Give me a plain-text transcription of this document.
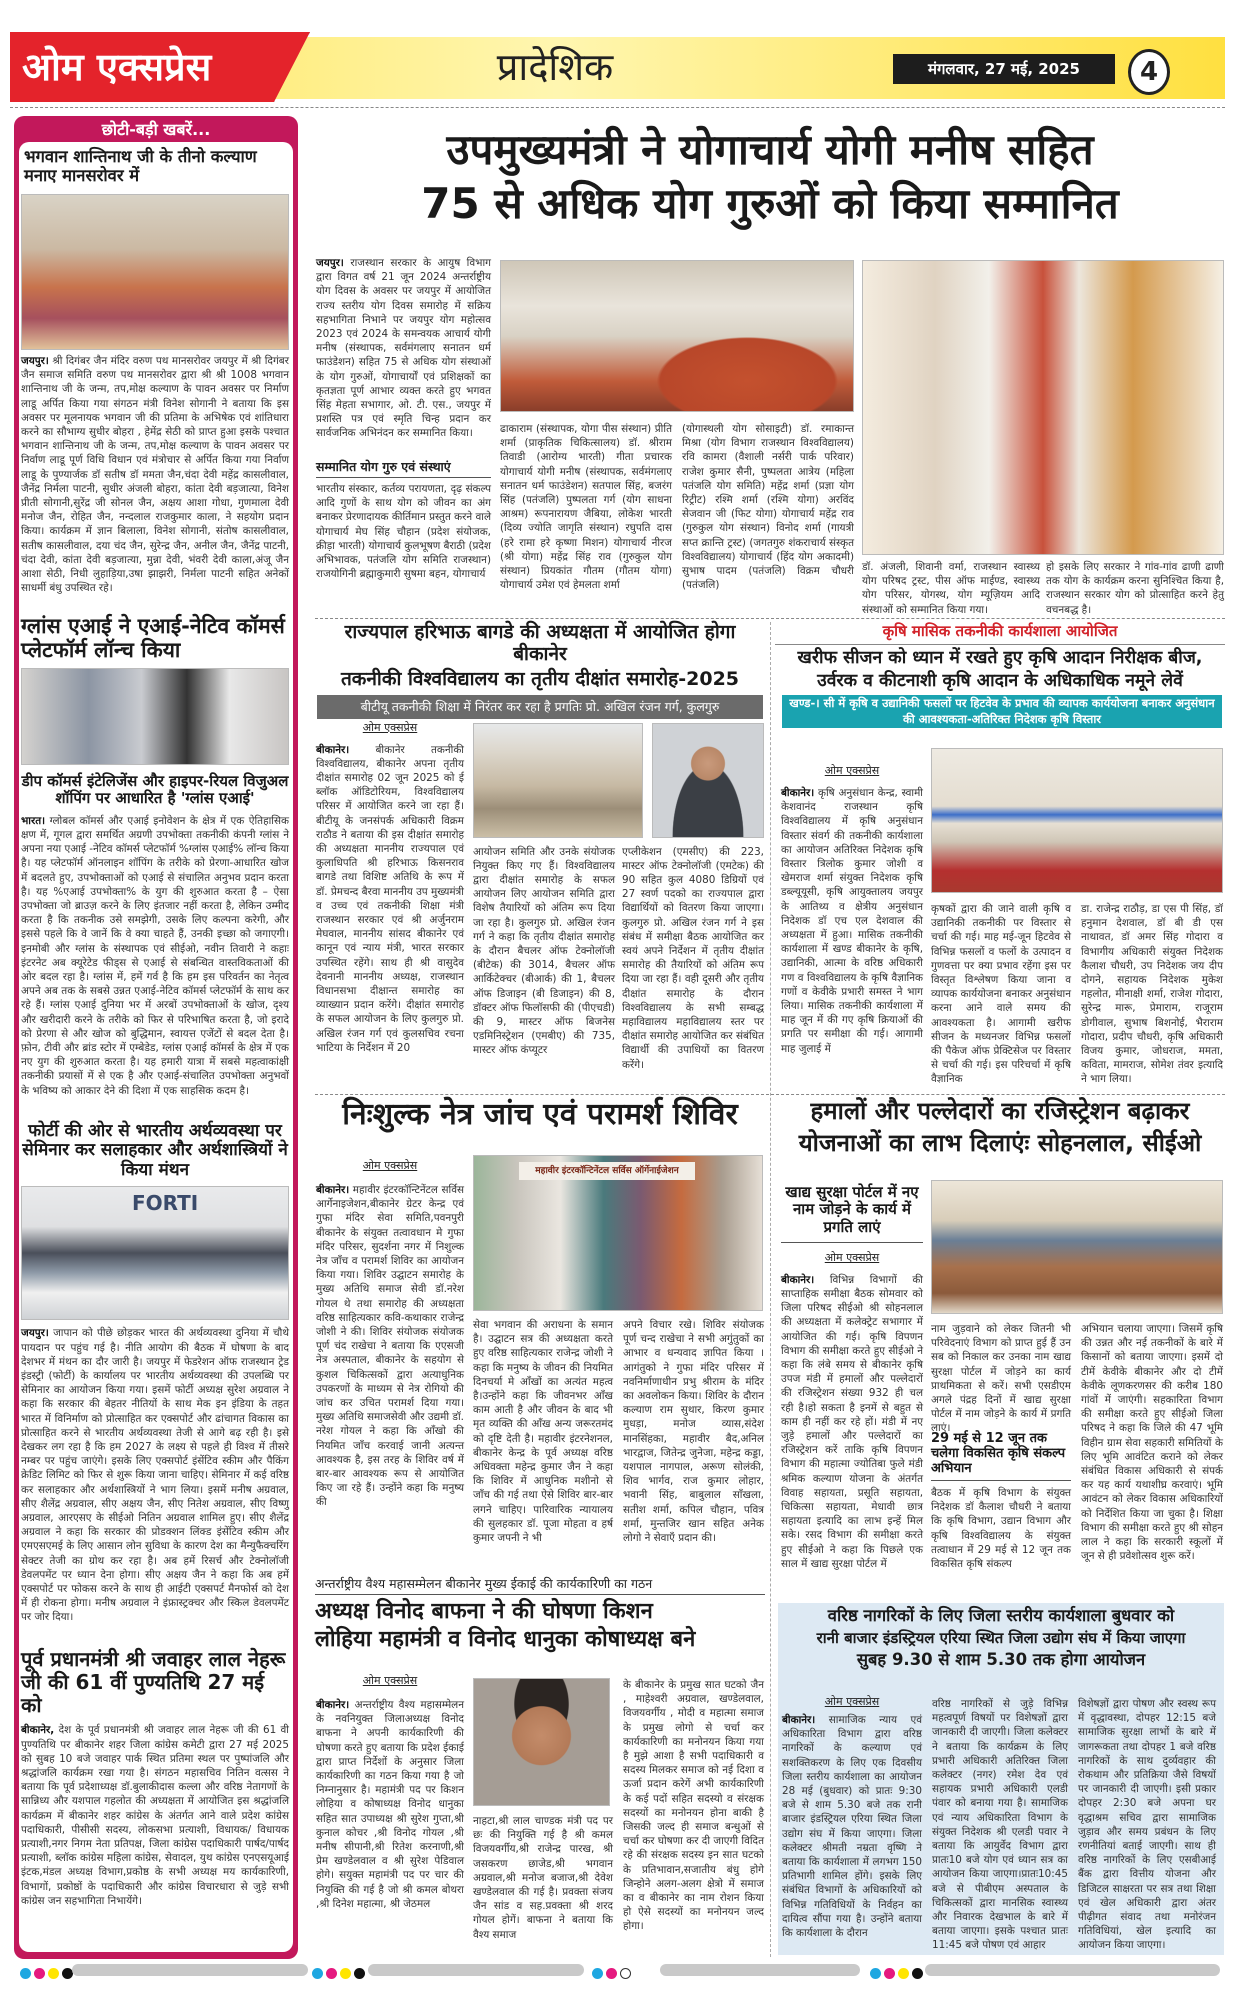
ओम एक्सप्रेस	प्रादेशिक	मंगलवार, 27 मई, 2025	4
छोटी-बड़ी खबरें...
भगवान शान्तिनाथ जी के तीनो कल्याण मनाए मानसरोवर में
जयपुर। श्री दिगंबर जैन मंदिर वरुण पथ मानसरोवर जयपुर में श्री दिगंबर जैन समाज समिति वरुण पथ मानसरोवर द्वारा श्री श्री 1008 भगवान शान्तिनाथ जी के जन्म, तप,मोक्ष कल्याण के पावन अवसर पर निर्माण लाडू अर्पित किया गया संगठन मंत्री विनेश सोगानी ने बताया कि इस अवसर पर मूलनायक भगवान जी की प्रतिमा के अभिषेक एवं शांतिधारा करने का सौभाग्य सुधीर बोहरा , हेमेंद्र सेठी को प्राप्त हुआ इसके पश्चात भगवान शान्तिनाथ जी के जन्म, तप,मोक्ष कल्याण के पावन अवसर पर निर्वाण लाडू पूर्ण विधि विधान एवं मंत्रोचार से अर्पित किया गया निर्वाण लाडू के पुण्यार्जक डॉ सतीष डॉ ममता जैन,चंदा देवी महेंद्र कासलीवाल, जैनेंद्र निर्मला पाटनी, सुधीर अंजली बोहरा, कांता देवी बड़जात्या, विनेश प्रीती सोगानी,सुरेंद्र जी सोनल जैन, अक्षय आशा गोधा, गुणमाला देवी मनोज जैन, रोहित जैन, नन्दलाल राजकुमार काला, ने सहयोग प्रदान किया। कार्यक्रम में ज्ञान बिलाला, विनेश सोगानी, संतोष कासलीवाल, सतीष कासलीवाल, दया चंद जैन, सुरेन्द्र जैन, अनील जैन, जैनेंद्र पाटनी, चंदा देवी, कांता देवी बड़जात्या, मुन्ना देवी, भंवरी देवी काला,अंजू जैन आशा सेठी, निधी लुहाड़िया,उषा झाझरी, निर्मला पाटनी सहित अनेकों साधर्मी बंधु उपस्थित रहे।
ग्लांस एआई ने एआई-नेटिव कॉमर्स प्लेटफॉर्म लॉन्च किया
डीप कॉमर्स इंटेलिजेंस और हाइपर-रियल विजुअल शॉपिंग पर आधारित है 'ग्लांस एआई'
भारत। ग्लोबल कॉमर्स और एआई इनोवेशन के क्षेत्र में एक ऐतिहासिक क्षण में, गूगल द्वारा समर्थित अग्रणी उपभोक्ता तकनीकी कंपनी ग्लांस ने अपना नया एआई -नेटिव कॉमर्स प्लेटफॉर्म %ग्लांस एआई% लॉन्च किया है। यह प्लेटफॉर्म ऑनलाइन शॉपिंग के तरीके को प्रेरणा-आधारित खोज में बदलते हुए, उपभोक्ताओं को एआई से संचालित अनुभव प्रदान करता है। यह %एआई उपभोक्ता% के युग की शुरुआत करता है – ऐसा उपभोक्ता जो ब्राउज़ करने के लिए इंतजार नहीं करता है, लेकिन उम्मीद करता है कि तकनीक उसे समझेगी, उसके लिए कल्पना करेगी, और इससे पहले कि वे जानें कि वे क्या चाहते हैं, उनकी इच्छा को जगाएगी। इनमोबी और ग्लांस के संस्थापक एवं सीईओ, नवीन तिवारी ने कहाः इंटरनेट अब क्यूरेटेड फीड्स से एआई से संबन्धित वास्तविकताओं की ओर बदल रहा है। ग्लांस में, हमें गर्व है कि हम इस परिवर्तन का नेतृत्व अपने अब तक के सबसे उन्नत एआई-नेटिव कॉमर्स प्लेटफॉर्म के साथ कर रहे हैं। ग्लांस एआई दुनिया भर में अरबों उपभोक्ताओं के खोज, दृश्य और खरीदारी करने के तरीके को फिर से परिभाषित करता है, जो इरादे को प्रेरणा से और खोज को बुद्धिमान, स्वायत्त एजेंटों से बदल देता है। फ़ोन, टीवी और ब्रांड स्टोर में एम्बेडेड, ग्लांस एआई कॉमर्स के क्षेत्र में एक नए युग की शुरुआत करता है। यह हमारी यात्रा में सबसे महत्वाकांक्षी तकनीकी प्रयासों में से एक है और एआई-संचालित उपभोक्ता अनुभवों के भविष्य को आकार देने की दिशा में एक साहसिक कदम है।
फोर्टी की ओर से भारतीय अर्थव्यवस्था पर सेमिनार कर सलाहकार और अर्थशास्त्रियों ने किया मंथन
FORTI
जयपुर। जापान को पीछे छोड़कर भारत की अर्थव्यवस्था दुनिया में चौथे पायदान पर पहुंच गई है। नीति आयोग की बैठक में घोषणा के बाद देशभर में मंथन का दौर जारी है। जयपुर में फेडरेशन ऑफ राजस्थान ट्रेड इंडस्ट्री (फोर्टी) के कार्यालय पर भारतीय अर्थव्यवस्था की उपलब्धि पर सेमिनार का आयोजन किया गया। इसमें फोर्टी अध्यक्ष सुरेश अग्रवाल ने कहा कि सरकार की बेहतर नीतियों के साथ मेक इन इंडिया के तहत भारत में विनिर्माण को प्रोत्साहित कर एक्सपोर्ट और ढांचागत विकास का प्रोत्साहित करने से भारतीय अर्थव्यवस्था तेजी से आगे बढ़ रही है। इसे देखकर लग रहा है कि हम 2027 के लक्ष्य से पहले ही विश्व में तीसरे नम्बर पर पहुंच जाएंगे। इसके लिए एक्सपोर्ट इंसेंटिव स्कीम और पैकिंग क्रेडिट लिमिट को फिर से शुरू किया जाना चाहिए। सेमिनार में कई वरिष्ठ कर सलाहकार और अर्थशास्त्रियों ने भाग लिया। इसमें मनीष अग्रवाल, सीए शैलेंद्र अग्रवाल, सीए अक्षय जैन, सीए नितेश अग्रवाल, सीए विष्णु अग्रवाल, आरएसए के सीईओ नितिन अग्रवाल शामिल हुए। सीए शैलेंद्र अग्रवाल ने कहा कि सरकार की प्रोडक्शन लिंक्ड इंसेंटिव स्कीम और एमएसएमई के लिए आसान लोन सुविधा के कारण देश का मैन्युफैक्चरिंग सेक्टर तेजी का ग्रोथ कर रहा है। अब हमें रिसर्च और टेक्नोलॉजी डेवलपमेंट पर ध्यान देना होगा। सीए अक्षय जैन ने कहा कि अब हमें एक्सपोर्ट पर फोकस करने के साथ ही आईटी एक्सपर्ट मैनफोर्स को देश में ही रोकना होगा। मनीष अग्रवाल ने इंफ्रास्ट्रक्चर और स्किल डेवलपमेंट पर जोर दिया।
पूर्व प्रधानमंत्री श्री जवाहर लाल नेहरू जी की 61 वीं पुण्यतिथि 27 मई को
बीकानेर, देश के पूर्व प्रधानमंत्री श्री जवाहर लाल नेहरू जी की 61 वी पुण्यतिथि पर बीकानेर शहर जिला कांग्रेस कमेटी द्वारा 27 मई 2025 को सुबह 10 बजे जवाहर पार्क स्थित प्रतिमा स्थल पर पुष्पांजलि और श्रद्धांजलि कार्यक्रम रखा गया है। संगठन महासचिव नितिन वत्सस ने बताया कि पूर्व प्रदेशाध्यक्ष डॉ.बुलाकीदास कल्ला और वरिष्ठ नेतागणों के सान्निध्य और यशपाल गहलोत की अध्यक्षता में आयोजित इस श्रद्धांजलि कार्यक्रम में बीकानेर शहर कांग्रेस के अंतर्गत आने वाले प्रदेश कांग्रेस पदाधिकारी, पीसीसी सदस्य, लोकसभा प्रत्याशी, विधायक/ विधायक प्रत्याशी,नगर निगम नेता प्रतिपक्ष, जिला कांग्रेस पदाधिकारी पार्षद/पार्षद प्रत्याशी, ब्लॉक कांग्रेस महिला कांग्रेस, सेवादल, युथ कांग्रेस एनएसयूआई इंटक,मंडल अध्यक्ष विभाग,प्रकोष्ठ के सभी अध्यक्ष मय कार्यकारिणी, विभागों, प्रकोष्ठों के पदाधिकारी और कांग्रेस विचारधारा से जुड़े सभी कांग्रेस जन सहभागिता निभायेंगे।
उपमुख्यमंत्री ने योगाचार्य योगी मनीष सहित
75 से अधिक योग गुरुओं को किया सम्मानित
जयपुर। राजस्थान सरकार के आयुष विभाग द्वारा विगत वर्ष 21 जून 2024 अन्तर्राष्ट्रीय योग दिवस के अवसर पर जयपुर में आयोजित राज्य स्तरीय योग दिवस समारोह में सक्रिय सहभागिता निभाने पर जयपुर योग महोत्सव 2023 एवं 2024 के समन्वयक आचार्य योगी मनीष (संस्थापक, सर्वमंगलाए सनातन धर्म फाउंडेशन) सहित 75 से अधिक योग संस्थाओं के योग गुरुओं, योगाचार्यों एवं प्रशिक्षकों का कृतज्ञता पूर्ण आभार व्यक्त करते हुए भगवत सिंह मेहता सभागार, ओ. टी. एस., जयपुर में प्रशस्ति पत्र एवं स्मृति चिन्ह प्रदान कर सार्वजनिक अभिनंदन कर सम्मानित किया।
सम्मानित योग गुरु एवं संस्थाएं
भारतीय संस्कार, कर्तव्य परायणता, दृढ़ संकल्प आदि गुणों के साथ योग को जीवन का अंग बनाकर प्रेरणादायक कीर्तिमान प्रस्तुत करने वाले योगाचार्य मेघ सिंह चौहान (प्रदेश संयोजक, क्रीड़ा भारती) योगाचार्य कुलभूषण बैराठी (प्रदेश अभिभावक, पतंजलि योग समिति राजस्थान) राजयोगिनी ब्रह्माकुमारी सुषमा बहन, योगाचार्य
ढाकाराम (संस्थापक, योगा पीस संस्थान) प्रीति शर्मा (प्राकृतिक चिकित्सालय) डॉ. श्रीराम तिवाडी (आरोग्य भारती) गीता प्रचारक योगाचार्य योगी मनीष (संस्थापक, सर्वमंगलाए सनातन धर्म फाउंडेशन) सतपाल सिंह, बजरंग सिंह (पतंजलि) पुष्पलता गर्ग (योग साधना आश्रम) रूपनारायण जैबिया, लोकेश भारती (दिव्य ज्योति जागृति संस्थान) रघुपति दास (हरे रामा हरे कृष्णा मिशन) योगाचार्य नीरज (श्री योगा) महेंद्र सिंह राव (गुरुकुल योग संस्थान) प्रियकांत गौतम (गौतम योगा) योगाचार्य उमेश एवं हेमलता शर्मा
(योगास्थली योग सोसाइटी) डॉ. रमाकान्त मिश्रा (योग विभाग राजस्थान विश्वविद्यालय) रवि कामरा (वैशाली नर्सरी पार्क परिवार) राजेश कुमार सैनी, पुष्पलता आत्रेय (महिला पतंजलि योग समिति) महेंद्र शर्मा (प्रज्ञा योग रिट्रीट) रश्मि शर्मा (रश्मि योगा) अरविंद सेजवान जी (फिट योगा) योगाचार्य महेंद्र राव (गुरुकुल योग संस्थान) विनोद शर्मा (गायत्री सप्त क्रान्ति ट्रस्ट) (जगतगुरु शंकराचार्य संस्कृत विश्वविद्यालय) योगाचार्य (हिंद योग अकादमी) सुभाष पादम (पतंजलि) विक्रम चौधरी (पतंजलि)
डॉ. अंजली, शिवानी वर्मा, राजस्थान स्वास्थ्य योग परिषद ट्रस्ट, पीस ऑफ माईण्ड, स्वास्थ्य योग परिसर, योगस्थ, योग म्यूज़ियम आदि संस्थाओं को सम्मानित किया गया।
हो इसके लिए सरकार ने गांव-गांव ढाणी ढाणी तक योग के कार्यक्रम करना सुनिश्चित किया है, राजस्थान सरकार योग को प्रोत्साहित करने हेतु वचनबद्ध है।
राज्यपाल हरिभाऊ बागडे की अध्यक्षता में आयोजित होगा बीकानेर
तकनीकी विश्वविद्यालय का तृतीय दीक्षांत समारोह-2025
बीटीयू तकनीकी शिक्षा में निरंतर कर रहा है प्रगतिः प्रो. अखिल रंजन गर्ग, कुलगुरु
ओम एक्सप्रेस
बीकानेर।	बीकानेर तकनीकी विश्वविद्यालय, बीकानेर अपना तृतीय दीक्षांत समारोह 02 जून 2025 को ई ब्लॉक ऑडिटोरियम, विश्वविद्यालय परिसर में आयोजित करने जा रहा हैं। बीटीयू के जनसंपर्क अधिकारी विक्रम राठौड ने बताया की इस दीक्षांत समारोह की अध्यक्षता माननीय राज्यपाल एवं कुलाधिपति श्री हरिभाऊ किसनराव बागडे तथा विशिष्ट अतिथि के रूप में डॉ. प्रेमचन्द बैरवा माननीय उप मुख्यमंत्री व उच्च एवं तकनीकी शिक्षा मंत्री राजस्थान सरकार एवं श्री अर्जुनराम मेघवाल, माननीय सांसद बीकानेर एवं कानून एवं न्याय मंत्री, भारत सरकार उपस्थित रहेंगे। साथ ही श्री वासुदेव देवनानी माननीय अध्यक्ष, राजस्थान विधानसभा दीक्षान्त समारोह का व्याख्यान प्रदान करेंगे। दीक्षांत समारोह के सफल आयोजन के लिए कुलगुरु प्रो. अखिल रंजन गर्ग एवं कुलसचिव रचना भाटिया के निर्देशन में 20
आयोजन समिति और उनके संयोजक नियुक्त किए गए हैं। विश्वविद्यालय द्वारा दीक्षांत समारोह के सफल आयोजन लिए आयोजन समिति द्वारा विशेष तैयारियों को अंतिम रूप दिया जा रहा है। कुलगुरु प्रो. अखिल रंजन गर्ग ने कहा कि तृतीय दीक्षांत समारोह के दौरान बैचलर ऑफ टेक्नोलॉजी (बीटेक) की 3014, बैचलर ऑफ आर्किटेक्चर (बीआर्क) की 1, बैचलर ऑफ डिजाइन (बी डिजाइन) की 8, डॉक्टर ऑफ फिलॉसफी की (पीएचडी) की 9, मास्टर ऑफ बिजनेस एडमिनिस्ट्रेशन (एमबीए) की 735, मास्टर ऑफ कंप्यूटर
एप्लीकेशन (एमसीए) की 223, मास्टर ऑफ टेक्नोलॉजी (एमटेक) की 90 सहित कुल 4080 डिग्रियों एवं 27 स्वर्ण पदको का राज्यपाल द्वारा विद्यार्थियों को वितरण किया जाएगा। कुलगुरु प्रो. अखिल रंजन गर्ग ने इस संबंध में समीक्षा बैठक आयोजित कर स्वयं अपने निर्देशन में तृतीय दीक्षांत समारोह की तैयारियों को अंतिम रूप दिया जा रहा हैं। वही दूसरी और तृतीय दीक्षांत समारोह के दौरान विश्वविद्यालय के सभी सम्बद्ध महाविद्यालय महाविद्यालय स्तर पर दीक्षांत समारोह आयोजित कर संबंधित विद्यार्थी की उपाधियों का वितरण करेंगे।
कृषि मासिक तकनीकी कार्यशाला आयोजित
खरीफ सीजन को ध्यान में रखते हुए कृषि आदान निरीक्षक बीज,
उर्वरक व कीटनाशी कृषि आदान के अधिकाधिक नमूने लेवें
खण्ड-। सी में कृषि व उद्यानिकी फसलों पर हिटवेव के प्रभाव की व्यापक कार्ययोजना बनाकर अनुसंधान की आवश्यकता-अतिरिक्त निदेशक कृषि विस्तार
ओम एक्सप्रेस
बीकानेर। कृषि अनुसंधान केन्द्र, स्वामी केशवानंद राजस्थान कृषि विश्वविद्यालय में कृषि अनुसंधान विस्तार संवर्ग की तकनीकी कार्यशाला का आयोजन अतिरिक्त निदेशक कृषि विस्तार त्रिलोक कुमार जोशी व खेमराज शर्मा संयुक्त निदेशक कृषि डब्ल्यूयूसी, कृषि आयुक्तालय जयपुर के आतिथ्य व क्षेत्रीय अनुसंधान निदेशक डॉ एच एल देशवाल की अध्यक्षता में हुआ। मासिक तकनीकी कार्यशाला में खण्ड बीकानेर के कृषि, उद्यानिकी, आत्मा के वरिष्ठ अधिकारी गण व विश्वविद्यालय के कृषि वैज्ञानिक गणों व केवीके प्रभारी समस्त ने भाग लिया। मासिक तकनीकी कार्यशाला में माह जून में की गए कृषि क्रियाओं की प्रगति पर समीक्षा की गई। आगामी माह जुलाई में
कृषकों द्वारा की जाने वाली कृषि व उद्यानिकी तकनीकी पर विस्तार से चर्चा की गई। माह मई-जून हिटवेव से विभिन्न फसलों व फलों के उत्पादन व गुणवत्ता पर क्या प्रभाव रहेंगा इस पर विस्तृत विश्लेषण किया जाना व व्यापक कार्ययोजना बनाकर अनुसंधान करना आने वाले समय की आवश्यकता है। आगामी खरीफ सीजन के मध्यनजर विभिन्न फसलों की पैकेज ऑफ प्रेक्टिसेज पर विस्तार से चर्चा की गई। इस परिचर्चा में कृषि वैज्ञानिक
डा. राजेन्द्र राठौड़, डा एस पी सिंह, डॉ हनुमान देशवाल, डॉ बी डी एस नाथावत, डॉ अमर सिंह गोदारा व विभागीय अधिकारी संयुक्त निदेशक कैलाश चौधरी, उप निदेशक जय दीप दोगने, सहायक निदेशक मुकेश गहलोत, मीनाक्षी शर्मा, राजेश गोदारा, सुरेन्द्र मारू, प्रेमाराम, राजूराम डोगीवाल, सुभाष बिशनोई, भैराराम गोदारा, प्रदीप चौधरी, कृषि अधिकारी विजय कुमार, जोधराज, ममता, कविता, मामराज, सोमेश तंवर इत्यादि ने भाग लिया।
निःशुल्क नेत्र जांच एवं परामर्श शिविर
ओम एक्सप्रेस
बीकानेर। महावीर इंटरकॉन्टिनेंटल सर्विस आर्गेनाइजेशन,बीकानेर ग्रेटर केन्द्र एवं गुफा मंदिर सेवा समिति,पवनपुरी बीकानेर के संयुक्त तत्वावधान मे गुफा मंदिर परिसर, सुदर्शना नगर में निशुल्क नेत्र जाँच व परामर्श शिविर का आयोजन किया गया। शिविर उद्घाटन समारोह के मुख्य अतिथि समाज सेवी डॉ.नरेश गोयल थे तथा समारोह की अध्यक्षता वरिष्ठ साहित्यकार कवि-कथाकार राजेन्द्र जोशी ने की। शिविर संयोजक संयोजक पूर्ण चंद राखेचा ने बताया कि एएसजी नेत्र अस्पताल, बीकानेर के सहयोग से कुशल चिकित्सकों द्वारा अत्याधुनिक उपकरणों के माध्यम से नेत्र रोगियो की जांच कर उचित परामर्श दिया गया। मुख्य अतिथि समाजसेवी और उद्यमी डॉ. नरेश गोयल ने कहा कि आँखो की नियमित जाँच करवाई जानी अत्यन्त आवश्यक है, इस तरह के शिविर वर्ष में बार-बार आवश्यक रूप से आयोजित किए जा रहे हैं। उन्होंने कहा कि मनुष्य की
महावीर इंटरकॉन्टिनेंटल सर्विस ऑर्गेनाईजेशन
सेवा भगवान की अराधना के समान है। उद्घाटन सत्र की अध्यक्षता करते हुए वरिष्ठ साहित्यकार राजेन्द्र जोशी ने कहा कि मनुष्य के जीवन की नियमित दिनचर्या मे आँखों का अत्यंत महत्व है।उन्होंने कहा कि जीवनभर आँख काम आती है और जीवन के बाद भी मृत व्यक्ति की आँख अन्य जरूरतमंद को दृष्टि देती है। महावीर इंटरनेशनल, बीकानेर केन्द्र के पूर्व अध्यक्ष वरिष्ठ अधिवक्ता महेन्द्र कुमार जैन ने कहा कि शिविर में आधुनिक मशीनो से जाँच की गई तथा ऐसे शिविर बार-बार लगने चाहिए। पारिवारिक न्यायालय की सुलहकार डॉ. पूजा मोहता व हर्ष कुमार जपनी ने भी
अपने विचार रखे। शिविर संयोजक पूर्ण चन्द राखेचा ने सभी अगुंतुकों का आभार व धन्यवाद ज्ञापित किया । आगंतुको ने गुफा मंदिर परिसर में नवनिर्माणाधीन प्रभु श्रीराम के मंदिर का अवलोकन किया। शिविर के दौरान कल्याण राम सुथार, किरण कुमार मुधड़ा, मनोज व्यास,संदेश मानसिंहका, महावीर बैद,अनिल भारद्वाज, जितेन्द्र जुनेजा, महेन्द्र कड्डा, यशपाल नागपाल, अरूण सोलंकी, शिव भार्गव, राज कुमार लोहार, भवानी सिंह, बाबुलाल साँखला, सतीश शर्मा, कपिल चौहान, पवित्र शर्मा, मुन्तजिर खान सहित अनेक लोगो ने सेवाएँ प्रदान की।
हमालों और पल्लेदारों का रजिस्ट्रेशन बढ़ाकर
योजनाओं का लाभ दिलाएंः सोहनलाल, सीईओ
खाद्य सुरक्षा पोर्टल में नए नाम जोड़ने के कार्य में प्रगति लाएं
ओम एक्सप्रेस
बीकानेर। विभिन्न विभागों की साप्ताहिक समीक्षा बैठक सोमवार को जिला परिषद सीईओ श्री सोहनलाल की अध्यक्षता में कलेक्ट्रेट सभागार में आयोजित की गई। कृषि विपणन विभाग की समीक्षा करते हुए सीईओ ने कहा कि लंबे समय से बीकानेर कृषि उपज मंडी में हमालों और पल्लेदारों की रजिस्ट्रेशन संख्या 932 ही चल रही है।हो सकता है इनमें से बहुत से काम ही नहीं कर रहे हों। मंडी में नए जुड़े हमालों और पल्लेदारों का रजिस्ट्रेशन करें ताकि कृषि विपणन विभाग की महात्मा ज्योतिबा फुले मंडी श्रमिक कल्याण योजना के अंतर्गत विवाह सहायता, प्रसूति सहायता, चिकित्सा सहायता, मेधावी छात्र सहायता इत्यादि का लाभ इन्हें मिल सके। रसद विभाग की समीक्षा करते हुए सीईओ ने कहा कि पिछले एक साल में खाद्य सुरक्षा पोर्टल में
नाम जुड़वाने को लेकर जितनी भी परिवेदनाएं विभाग को प्राप्त हुई हैं उन सब को निकाल कर उनका नाम खाद्य सुरक्षा पोर्टल में जोड़ने का कार्य प्राथमिकता से करें। सभी एसडीएम अगले पंद्रह दिनों में खाद्य सुरक्षा पोर्टल में नाम जोड़ने के कार्य में प्रगति लाएं।
29 मई से 12 जून तक चलेगा विकसित कृषि संकल्प अभियान
बैठक में कृषि विभाग के संयुक्त निदेशक डॉ कैलाश चौधरी ने बताया कि कृषि विभाग, उद्यान विभाग और कृषि विश्वविद्यालय के संयुक्त तत्वाधान में 29 मई से 12 जून तक विकसित कृषि संकल्प
अभियान चलाया जाएगा। जिसमें कृषि की उन्नत और नई तकनीकों के बारे में किसानों को बताया जाएगा। इसमें दो टीमें केवीके बीकानेर और दो टीमें केवीके लूणकरणसर की करीब 180 गांवों में जाएंगी। सहकारिता विभाग की समीक्षा करते हुए सीईओ जिला परिषद ने कहा कि जिले की 47 भूमि विहीन ग्राम सेवा सहकारी समितियों के लिए भूमि आवंटित कराने को लेकर संबंधित विकास अधिकारी से संपर्क कर यह कार्य यथाशीघ्र करवाएं। भूमि आवंटन को लेकर विकास अधिकारियों को निर्देशित किया जा चुका है। शिक्षा विभाग की समीक्षा करते हुए श्री सोहन लाल ने कहा कि सरकारी स्कूलों में जून से ही प्रवेशोत्सव शुरू करें।
अन्तर्राष्ट्रीय वैश्य महासम्मेलन बीकानेर मुख्य ईकाई की कार्यकारिणी का गठन
अध्यक्ष विनोद बाफना ने की घोषणा किशन
लोहिया महामंत्री व विनोद धानुका कोषाध्यक्ष बने
ओम एक्सप्रेस
बीकानेर। अन्तर्राष्ट्रीय वैश्य महासम्मेलन के नवनियुक्त जिलाअध्यक्ष विनोद बाफना ने अपनी कार्यकारिणी की घोषणा करते हुए बताया कि प्रदेश ईकाई द्वारा प्राप्त निर्देशों के अनुसार जिला कार्यकारिणी का गठन किया गया है जो निम्नानुसार है। महामंत्री पद पर किशन लोहिया व कोषाध्यक्ष विनोद धानुका सहित सात उपाध्यक्ष श्री सुरेश गुप्ता,श्री कुनाल कोचर ,श्री विनोद गोयल ,श्री मनीष सीपानी,श्री रितेश करनाणी,श्री प्रेम खण्डेलवाल व श्री सुरेश पेडिवाल होगे। सयुक्त महामंत्री पद पर चार की नियुक्ति की गई है जो श्री कमल बोथरा ,श्री दिनेश महात्मा, श्री जेठमल
नाहटा,श्री लाल चाण्डक मंत्री पद पर छः की नियुक्ति गई है श्री कमल विजयवर्गीय,श्री राजेन्द्र पारख, श्री जसकरण छाजेड,श्री भगवान अग्रवाल,श्री मनोज बजाज,श्री देवेश खण्डेलवाल की गई है। प्रवक्ता संजय जैन सांड व सह.प्रवक्ता श्री शरद गोयल होगें। बाफना ने बताया कि वैश्य समाज
के बीकानेर के प्रमुख सात घटको जैन , माहेश्वरी अग्रवाल, खण्डेलवाल, विजयवर्गीय , मोदी व महात्मा समाज के प्रमुख लोगो से चर्चा कर कार्यकारिणी का मनोनयन किया गया है मुझे आशा है सभी पदाधिकारी व सदस्य मिलकर समाज को नई दिशा व ऊर्जा प्रदान करेगें अभी कार्यकारिणी के कई पदों सहित सदस्यो व संरक्षक सदस्यों का मनोनयन होना बाकी है जिसकी जल्द ही समाज बन्धुओं से चर्चा कर घोषणा कर दी जाएगी विदित रहे की संरक्षक सदस्य इन सात घटको के प्रतिभावान,सजातीय बंधु होगे जिन्होने अलग-अलग क्षेत्रो में समाज का व बीकानेर का नाम रोशन किया हो ऐसे सदस्यों का मनोनयन जल्द होगा।
वरिष्ठ नागरिकों के लिए जिला स्तरीय कार्यशाला बुधवार को
रानी बाजार इंडस्ट्रियल एरिया स्थित जिला उद्योग संघ में किया जाएगा
सुबह 9.30 से शाम 5.30 तक होगा आयोजन
ओम एक्सप्रेस
बीकानेर। सामाजिक न्याय एवं अधिकारिता विभाग द्वारा वरिष्ठ नागरिकों के कल्याण एवं सशक्तिकरण के लिए एक दिवसीय जिला स्तरीय कार्यशाला का आयोजन 28 मई (बुधवार) को प्रातः 9:30 बजे से शाम 5.30 बजे तक रानी बाजार इंडस्ट्रियल एरिया स्थित जिला उद्योग संघ में किया जाएगा। जिला कलेक्टर श्रीमती नम्रता वृष्णि ने बताया कि कार्यशाला में लगभग 150 प्रतिभागी शामिल होंगे। इसके लिए संबंधित विभागों के अधिकारियों को विभिन्न गतिविधियों के निर्वहन का दायित्व सौंपा गया है। उन्होंने बताया कि कार्यशाला के दौरान
वरिष्ठ नागरिकों से जुड़े विभिन्न महत्वपूर्ण विषयों पर विशेषज्ञों द्वारा जानकारी दी जाएगी। जिला कलेक्टर ने बताया कि कार्यक्रम के लिए प्रभारी अधिकारी अतिरिक्त जिला कलेक्टर (नगर) रमेश देव एवं सहायक प्रभारी अधिकारी एलडी पंवार को बनाया गया है। सामाजिक एवं न्याय अधिकारिता विभाग के संयुक्त निदेशक श्री एलडी पवार ने बताया कि आयुर्वेद विभाग द्वारा प्रातः10 बजे योग एवं ध्यान सत्र का आयोजन किया जाएगा।प्रातः10:45 बजे से पीबीएम अस्पताल के चिकित्सकों द्वारा मानसिक स्वास्थ्य और निवारक देखभाल के बारे में बताया जाएगा। इसके पश्चात प्रातः 11:45 बजे पोषण एवं आहार
विशेषज्ञों द्वारा पोषण और स्वस्थ रूप में वृद्धावस्था, दोपहर 12:15 बजे सामाजिक सुरक्षा लाभों के बारे में जागरूकता तथा दोपहर 1 बजे वरिष्ठ नागरिकों के साथ दुर्व्यवहार की रोकथाम और प्रतिक्रिया जैसे विषयों पर जानकारी दी जाएगी। इसी प्रकार दोपहर 2:30 बजे अपना घर वृद्धाश्रम सचिव द्वारा सामाजिक जुड़ाव और समय प्रबंधन के लिए रणनीतियां बताई जाएगी। साथ ही वरिष्ठ नागरिकों के लिए एसबीआई बैंक द्वारा वित्तीय योजना और डिजिटल साक्षरता पर सत्र तथा शिक्षा एवं खेल अधिकारी द्वारा अंतर पीढ़ीगत संवाद तथा मनोरंजन गतिविधियां, खेल इत्यादि का आयोजन किया जाएगा।
